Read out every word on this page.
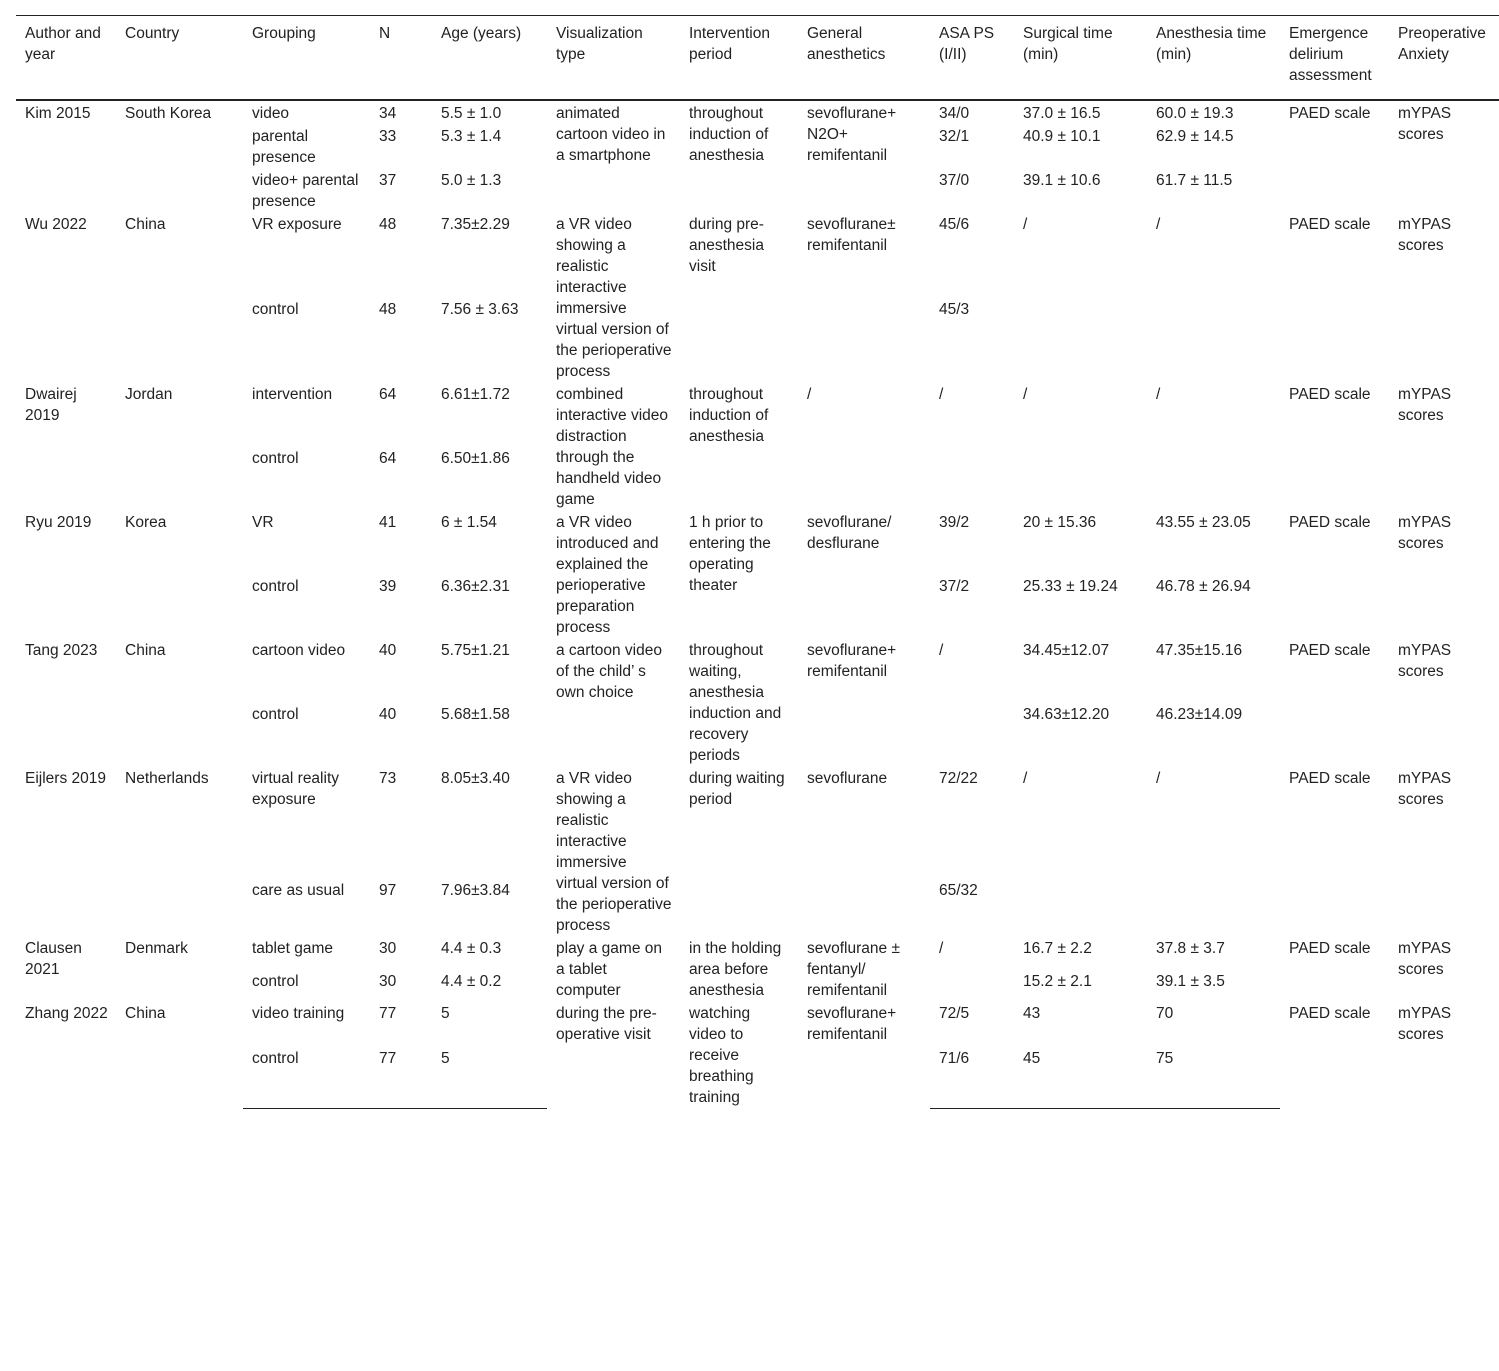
Author and year	Country	Grouping	N	Age (years)	Visualization type	Intervention period	General anesthetics	ASA PS (I/II)	Surgical time (min)	Anesthesia time (min)	Emergence delirium assessment	Preoperative Anxiety
Kim 2015	South Korea	video	34	5.5 ± 1.0	animated cartoon video in a smartphone	throughout induction of anesthesia	sevoflurane+ N2O+ remifentanil	34/0	37.0 ± 16.5	60.0 ± 19.3	PAED scale	mYPAS scores
		parental presence	33	5.3 ± 1.4				32/1	40.9 ± 10.1	62.9 ± 14.5		
		video+ parental presence	37	5.0 ± 1.3				37/0	39.1 ± 10.6	61.7 ± 11.5		
Wu 2022	China	VR exposure	48	7.35±2.29	a VR video showing a realistic interactive immersive virtual version of the perioperative process	during pre-anesthesia visit	sevoflurane± remifentanil	45/6	/	/	PAED scale	mYPAS scores
		control	48	7.56 ± 3.63				45/3				
Dwairej 2019	Jordan	intervention	64	6.61±1.72	combined interactive video distraction through the handheld video game	throughout induction of anesthesia	/	/	/	/	PAED scale	mYPAS scores
		control	64	6.50±1.86								
Ryu 2019	Korea	VR	41	6 ± 1.54	a VR video introduced and explained the perioperative preparation process	1 h prior to entering the operating theater	sevoflurane/ desflurane	39/2	20 ± 15.36	43.55 ± 23.05	PAED scale	mYPAS scores
		control	39	6.36±2.31				37/2	25.33 ± 19.24	46.78 ± 26.94		
Tang 2023	China	cartoon video	40	5.75±1.21	a cartoon video of the child’ s own choice	throughout waiting, anesthesia induction and recovery periods	sevoflurane+ remifentanil	/	34.45±12.07	47.35±15.16	PAED scale	mYPAS scores
		control	40	5.68±1.58					34.63±12.20	46.23±14.09		
Eijlers 2019	Netherlands	virtual reality exposure	73	8.05±3.40	a VR video showing a realistic interactive immersive virtual version of the perioperative process	during waiting period	sevoflurane	72/22	/	/	PAED scale	mYPAS scores
		care as usual	97	7.96±3.84				65/32				
Clausen 2021	Denmark	tablet game	30	4.4 ± 0.3	play a game on a tablet computer	in the holding area before anesthesia	sevoflurane ± fentanyl/ remifentanil	/	16.7 ± 2.2	37.8 ± 3.7	PAED scale	mYPAS scores
		control	30	4.4 ± 0.2					15.2 ± 2.1	39.1 ± 3.5		
Zhang 2022	China	video training	77	5	during the pre-operative visit	watching video to receive breathing training	sevoflurane+ remifentanil	72/5	43	70	PAED scale	mYPAS scores
		control	77	5				71/6	45	75		
